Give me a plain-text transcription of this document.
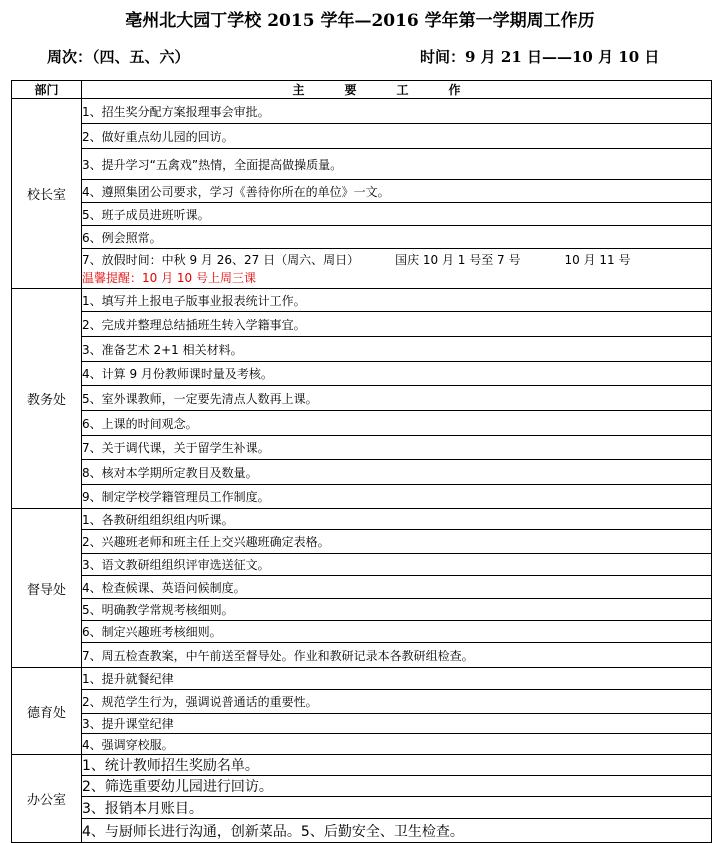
亳州北大园丁学校 2015 学年—2016 学年第一学期周工作历
周次：（四、五、六）	时间：9 月 21 日——10 月 10 日
部门	主要工作
校长室	1、招生奖分配方案报理事会审批。
	2、做好重点幼儿园的回访。
	3、提升学习“五禽戏”热情，全面提高做操质量。
	4、遵照集团公司要求，学习《善待你所在的单位》一文。
	5、班子成员进班听课。
	6、例会照常。
	7、放假时间：中秋 9 月 26、27 日（周六、周日） 国庆 10 月 1 号至 7 号 10 月 11 号
温馨提醒：10 月 10 号上周三课
教务处	1、填写并上报电子版事业报表统计工作。
	2、完成并整理总结插班生转入学籍事宜。
	3、准备艺术 2+1 相关材料。
	4、计算 9 月份教师课时量及考核。
	5、室外课教师，一定要先清点人数再上课。
	6、上课的时间观念。
	7、关于调代课，关于留学生补课。
	8、核对本学期所定教目及数量。
	9、制定学校学籍管理员工作制度。
督导处	1、各教研组组织组内听课。
	2、兴趣班老师和班主任上交兴趣班确定表格。
	3、语文教研组组织评审选送征文。
	4、检查候课、英语问候制度。
	5、明确教学常规考核细则。
	6、制定兴趣班考核细则。
	7、周五检查教案，中午前送至督导处。作业和教研记录本各教研组检查。
德育处	1、提升就餐纪律
	2、规范学生行为，强调说普通话的重要性。
	3、提升课堂纪律
	4、强调穿校服。
办公室	1、统计教师招生奖励名单。
	2、筛选重要幼儿园进行回访。
	3、报销本月账目。
	4、与厨师长进行沟通，创新菜品。5、后勤安全、卫生检查。
